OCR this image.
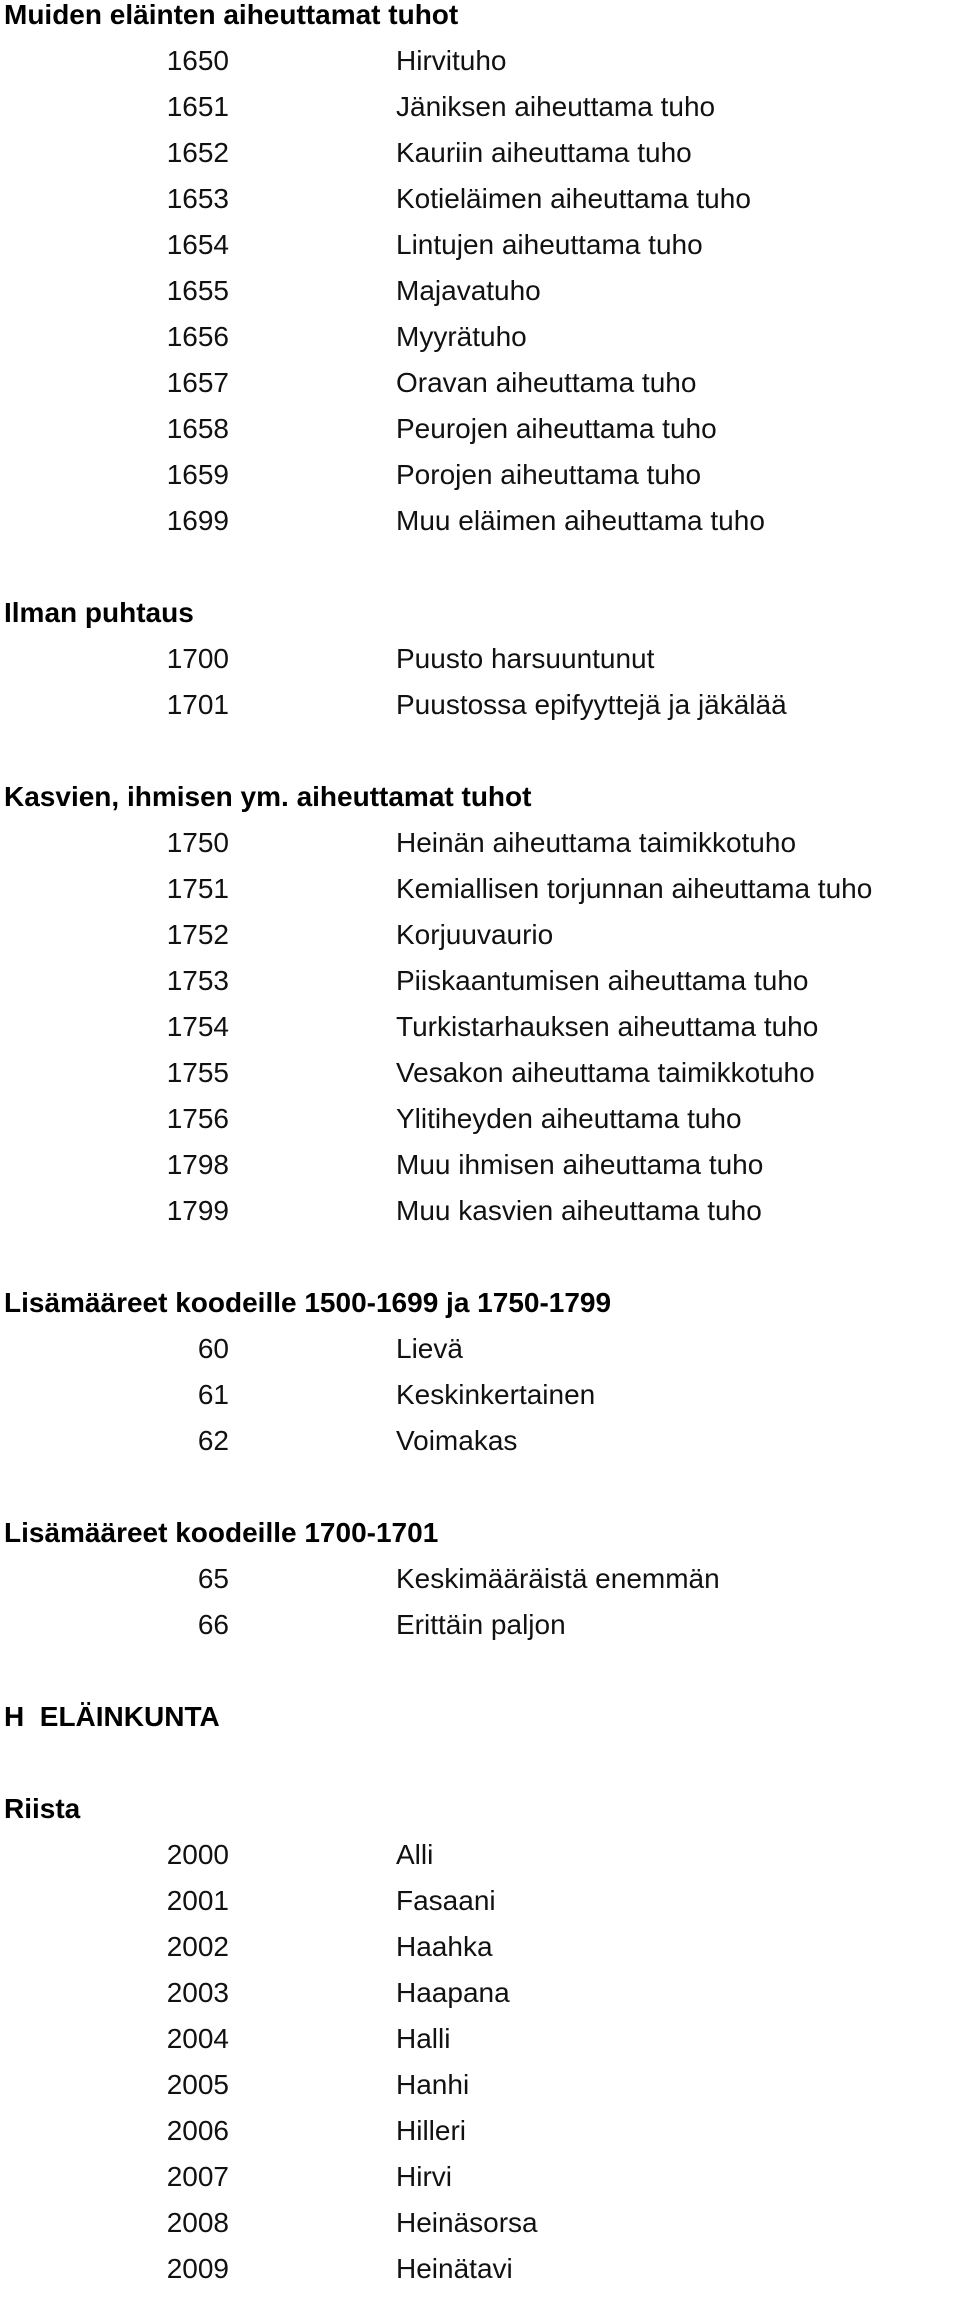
Muiden eläinten aiheuttamat tuhot
1650	Hirvituho
1651	Jäniksen aiheuttama tuho
1652	Kauriin aiheuttama tuho
1653	Kotieläimen aiheuttama tuho
1654	Lintujen aiheuttama tuho
1655	Majavatuho
1656	Myyrätuho
1657	Oravan aiheuttama tuho
1658	Peurojen aiheuttama tuho
1659	Porojen aiheuttama tuho
1699	Muu eläimen aiheuttama tuho
Ilman puhtaus
1700	Puusto harsuuntunut
1701	Puustossa epifyyttejä ja jäkälää
Kasvien, ihmisen ym. aiheuttamat tuhot
1750	Heinän aiheuttama taimikkotuho
1751	Kemiallisen torjunnan aiheuttama tuho
1752	Korjuuvaurio
1753	Piiskaantumisen aiheuttama tuho
1754	Turkistarhauksen aiheuttama tuho
1755	Vesakon aiheuttama taimikkotuho
1756	Ylitiheyden aiheuttama tuho
1798	Muu ihmisen aiheuttama tuho
1799	Muu kasvien aiheuttama tuho
Lisämääreet koodeille 1500-1699 ja 1750-1799
60	Lievä
61	Keskinkertainen
62	Voimakas
Lisämääreet koodeille 1700-1701
65	Keskimääräistä enemmän
66	Erittäin paljon
H  ELÄINKUNTA
Riista
2000	Alli
2001	Fasaani
2002	Haahka
2003	Haapana
2004	Halli
2005	Hanhi
2006	Hilleri
2007	Hirvi
2008	Heinäsorsa
2009	Heinätavi
